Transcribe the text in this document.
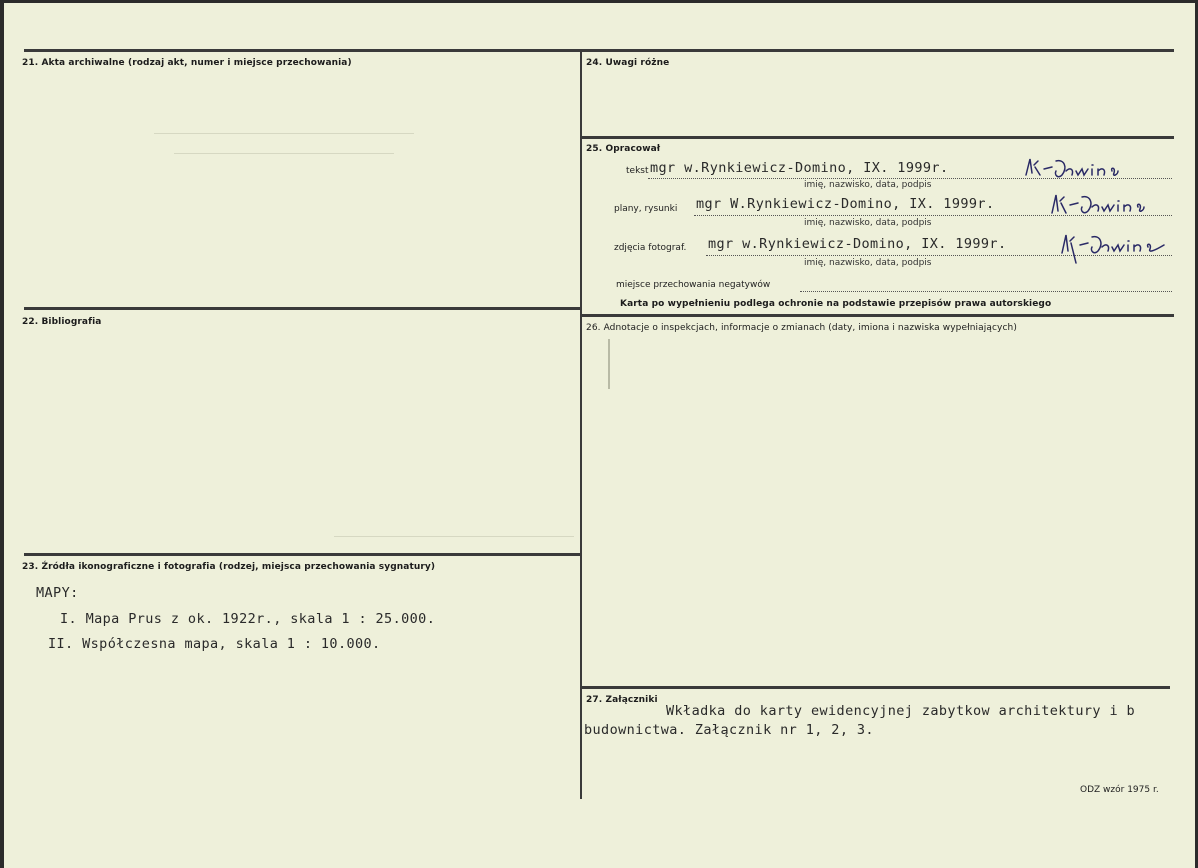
21. Akta archiwalne (rodzaj akt, numer i miejsce przechowania)
22. Bibliografia
23. Źródła ikonograficzne i fotografia (rodzej, miejsca przechowania sygnatury)
MAPY:
I. Mapa Prus z ok. 1922r., skala 1 : 25.000.
II. Współczesna mapa, skala 1 : 10.000.
24. Uwagi różne
25. Opracował
tekst mgr w.Rynkiewicz-Domino, IX. 1999r.
imię, nazwisko, data, podpis
plany, rysunki mgr W.Rynkiewicz-Domino, IX. 1999r.
imię, nazwisko, data, podpis
zdjęcia fotograf. mgr w.Rynkiewicz-Domino, IX. 1999r.
imię, nazwisko, data, podpis
miejsce przechowania negatywów
Karta po wypełnieniu podlega ochronie na podstawie przepisów prawa autorskiego
26. Adnotacje o inspekcjach, informacje o zmianach (daty, imiona i nazwiska wypełniających)
27. Załączniki
Wkładka do karty ewidencyjnej zabytkow architektury i b
budownictwa. Załącznik nr 1, 2, 3.
ODZ wzór 1975 r.
